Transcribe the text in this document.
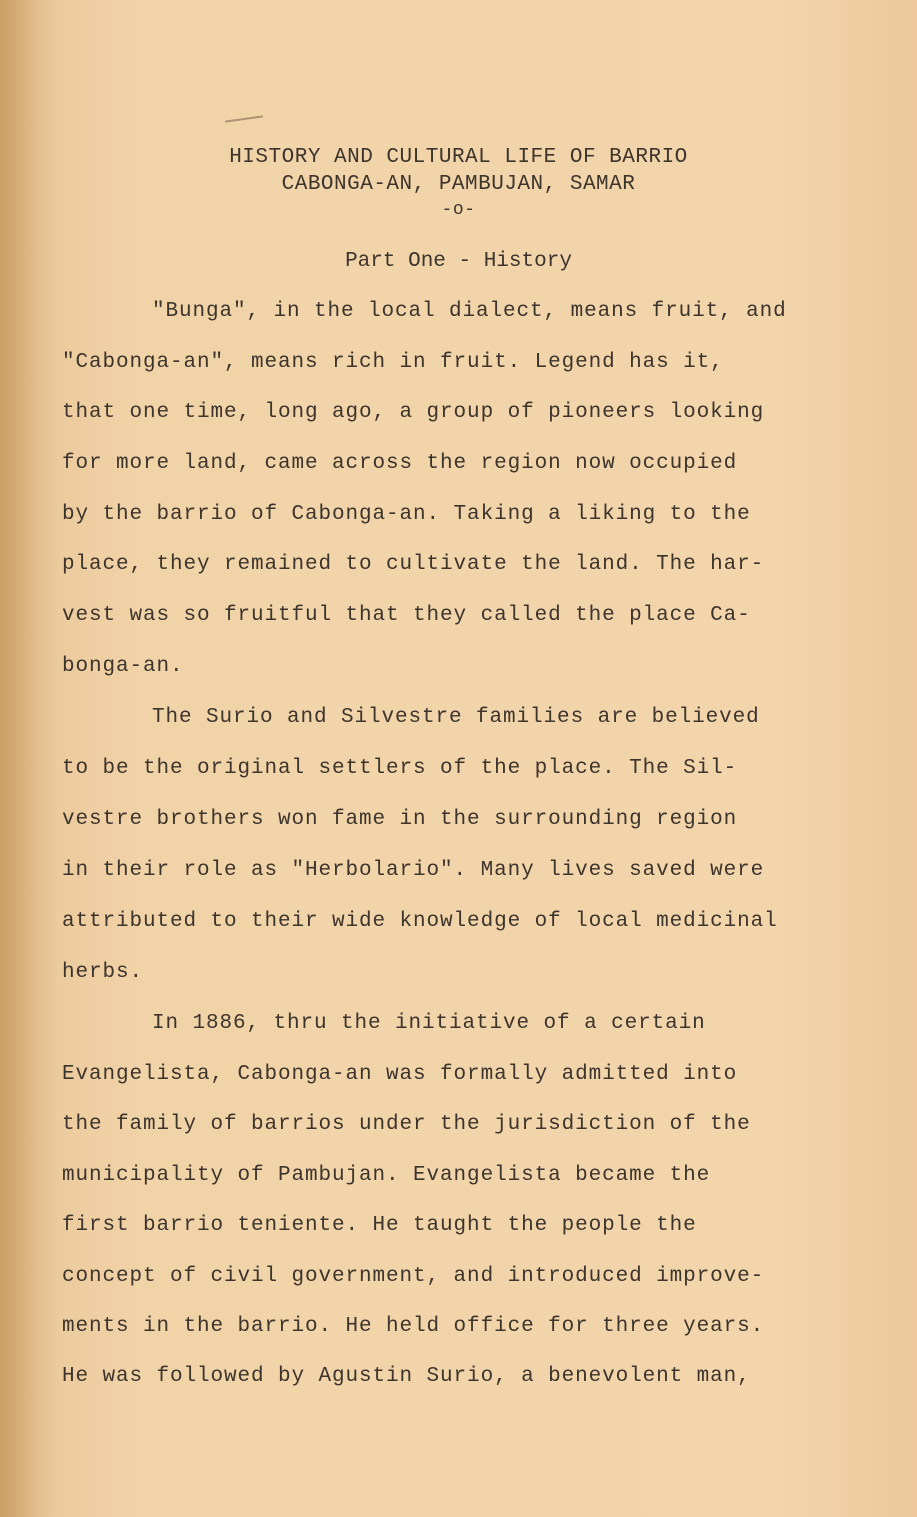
HISTORY AND CULTURAL LIFE OF BARRIO
CABONGA-AN, PAMBUJAN, SAMAR
-o-
Part One - History
"Bunga", in the local dialect, means fruit, and
"Cabonga-an", means rich in fruit. Legend has it,
that one time, long ago, a group of pioneers looking
for more land, came across the region now occupied
by the barrio of Cabonga-an. Taking a liking to the
place, they remained to cultivate the land. The har-
vest was so fruitful that they called the place Ca-
bonga-an.
The Surio and Silvestre families are believed
to be the original settlers of the place. The Sil-
vestre brothers won fame in the surrounding region
in their role as "Herbolario". Many lives saved were
attributed to their wide knowledge of local medicinal
herbs.
In 1886, thru the initiative of a certain
Evangelista, Cabonga-an was formally admitted into
the family of barrios under the jurisdiction of the
municipality of Pambujan. Evangelista became the
first barrio teniente. He taught the people the
concept of civil government, and introduced improve-
ments in the barrio. He held office for three years.
He was followed by Agustin Surio, a benevolent man,
